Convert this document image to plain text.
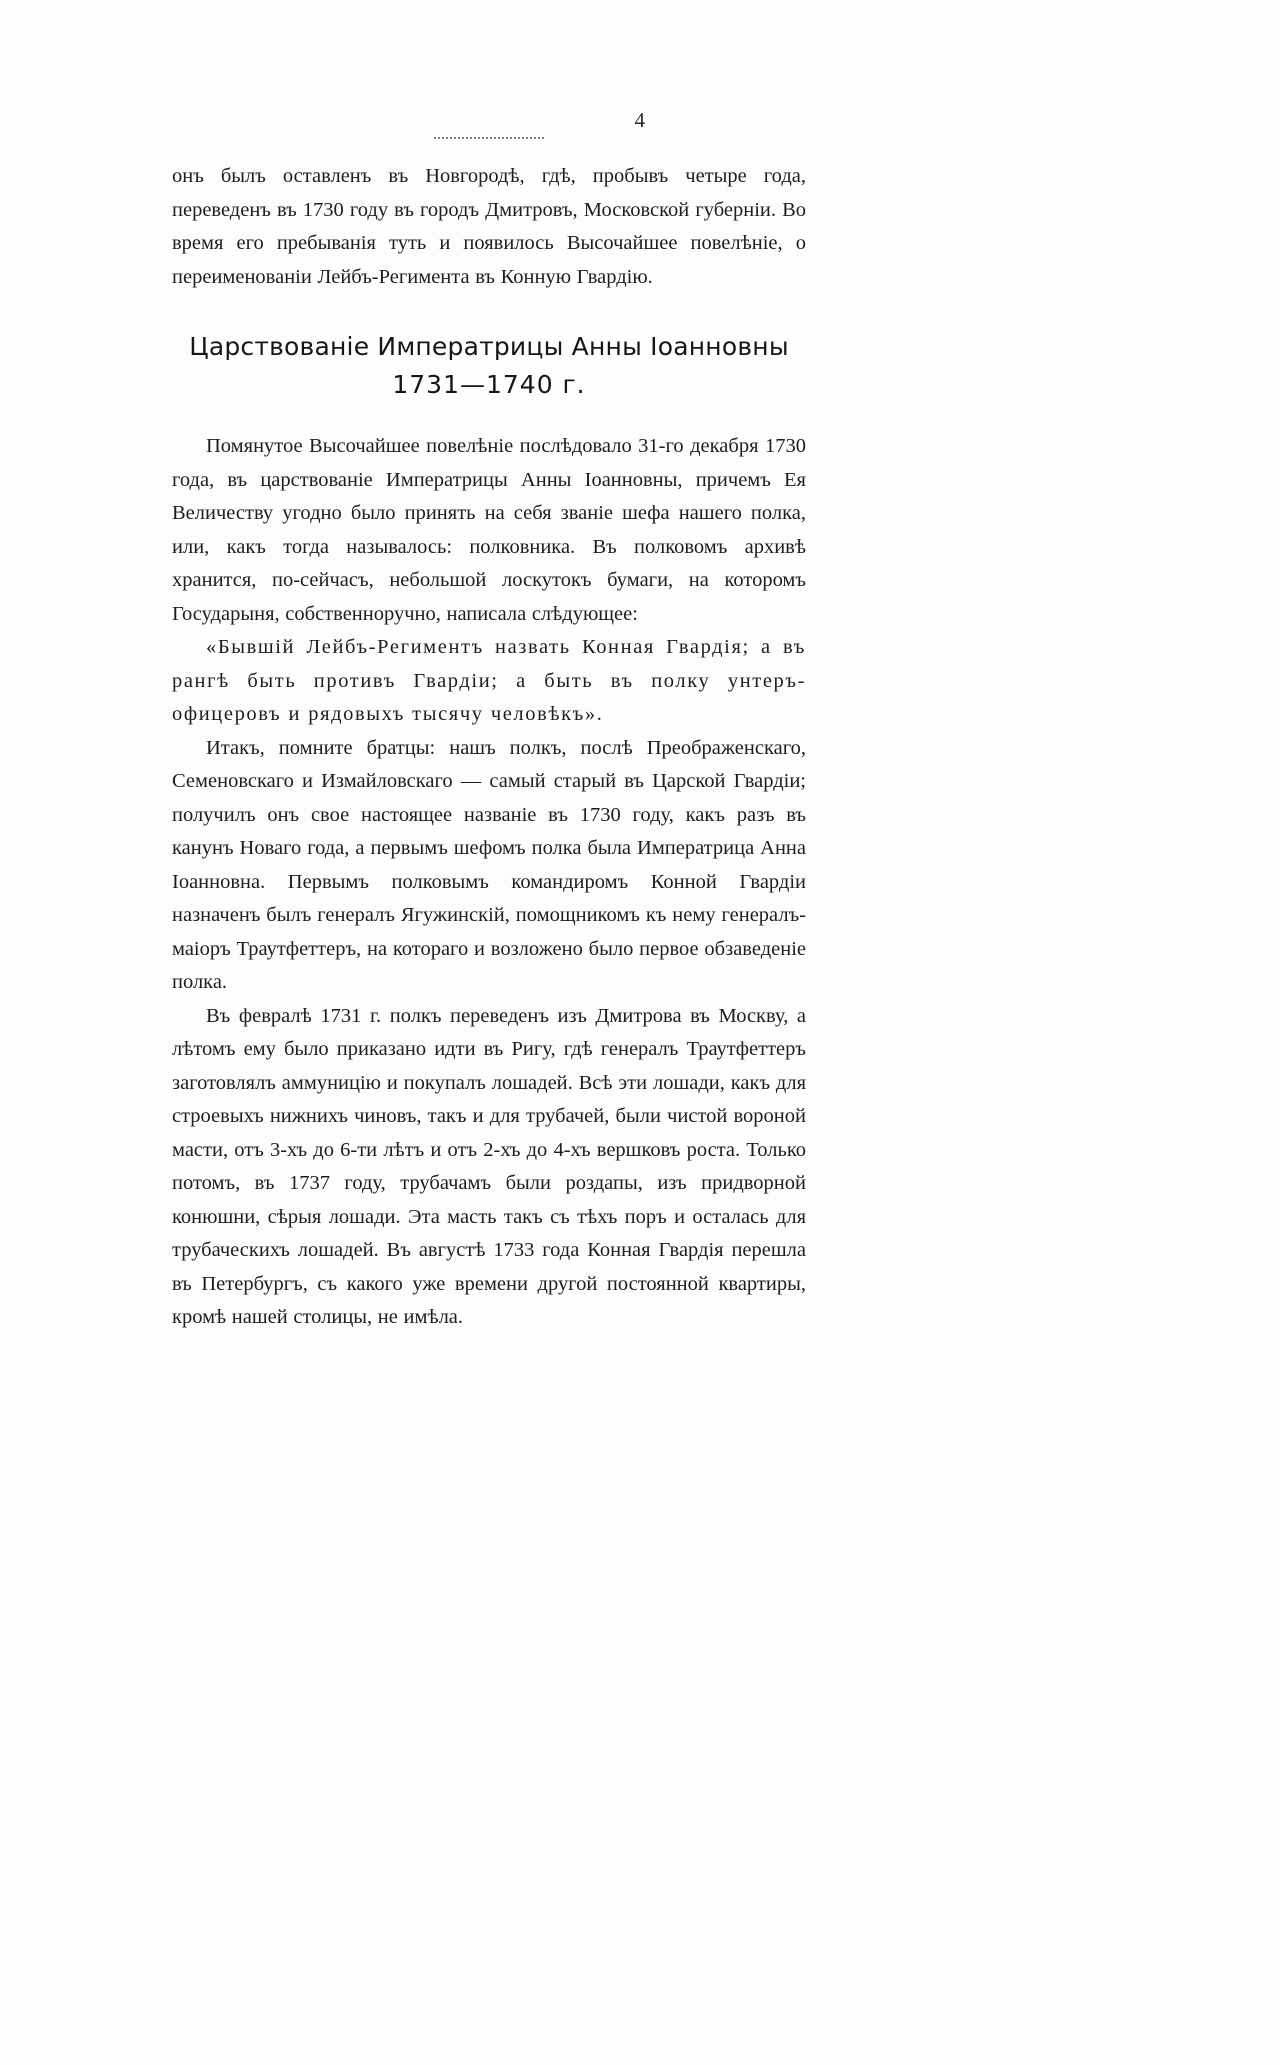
4

онъ былъ оставленъ въ Новгородѣ, гдѣ, пробывъ четыре года, переведенъ въ 1730 году въ городъ Дмитровъ, Московской губерніи. Во время его пребыванія туть и появилось Высочайшее повелѣніе, о переименованіи Лейбъ-Регимента въ Конную Гвардію.

Царствованіе Императрицы Анны Іоанновны
1731—1740 г.

Помянутое Высочайшее повелѣніе послѣдовало 31-го декабря 1730 года, въ царствованіе Императрицы Анны Іоанновны, причемъ Ея Величеству угодно было принять на себя званіе шефа нашего полка, или, какъ тогда называлось: полковника. Въ полковомъ архивѣ хранится, по-сейчасъ, небольшой лоскутокъ бумаги, на которомъ Государыня, собственноручно, написала слѣдующее:

«Бывшій Лейбъ-Региментъ назвать Конная Гвардія; а въ рангѣ быть противъ Гвардіи; а быть въ полку унтеръ-офицеровъ и рядовыхъ тысячу человѣкъ».

Итакъ, помните братцы: нашъ полкъ, послѣ Преображенскаго, Семеновскаго и Измайловскаго — самый старый въ Царской Гвардіи; получилъ онъ свое настоящее названіе въ 1730 году, какъ разъ въ канунъ Новаго года, а первымъ шефомъ полка была Императрица Анна Іоанновна. Первымъ полковымъ командиромъ Конной Гвардіи назначенъ былъ генералъ Ягужинскій, помощникомъ къ нему генералъ-маіоръ Траутфеттеръ, на котораго и возложено было первое обзаведеніе полка.

Въ февралѣ 1731 г. полкъ переведенъ изъ Дмитрова въ Москву, а лѣтомъ ему было приказано идти въ Ригу, гдѣ генералъ Траутфеттеръ заготовлялъ аммуницію и покупалъ лошадей. Всѣ эти лошади, какъ для строевыхъ нижнихъ чиновъ, такъ и для трубачей, были чистой вороной масти, отъ 3-хъ до 6-ти лѣтъ и отъ 2-хъ до 4-хъ вершковъ роста. Только потомъ, въ 1737 году, трубачамъ были роздапы, изъ придворной конюшни, сѣрыя лошади. Эта масть такъ съ тѣхъ поръ и осталась для трубаческихъ лошадей. Въ августѣ 1733 года Конная Гвардія перешла въ Петербургъ, съ какого уже времени другой постоянной квартиры, кромѣ нашей столицы, не имѣла.
